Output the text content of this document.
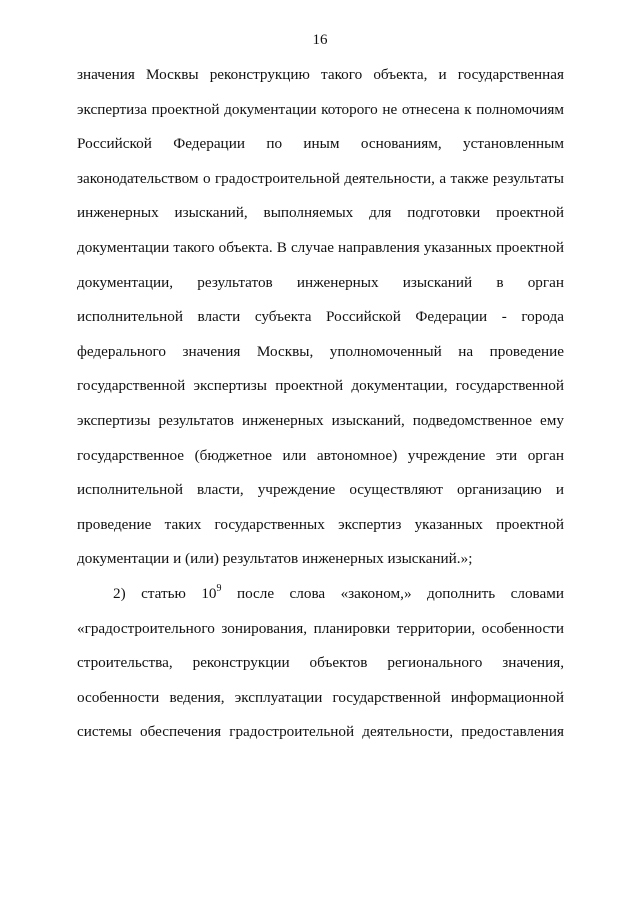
16
значения Москвы реконструкцию такого объекта, и государственная
экспертиза проектной документации которого не отнесена к полномочиям
Российской Федерации по иным основаниям, установленным
законодательством о градостроительной деятельности, а также результаты
инженерных изысканий, выполняемых для подготовки проектной
документации такого объекта. В случае направления указанных проектной
документации, результатов инженерных изысканий в орган
исполнительной власти субъекта Российской Федерации - города
федерального значения Москвы, уполномоченный на проведение
государственной экспертизы проектной документации, государственной
экспертизы результатов инженерных изысканий, подведомственное ему
государственное (бюджетное или автономное) учреждение эти орган
исполнительной власти, учреждение осуществляют организацию и
проведение таких государственных экспертиз указанных проектной
документации и (или) результатов инженерных изысканий.»;
2) статью $10^9$ после слова «законом,» дополнить словами
«градостроительного зонирования, планировки территории, особенности
строительства, реконструкции объектов регионального значения,
особенности ведения, эксплуатации государственной информационной
системы обеспечения градостроительной деятельности, предоставления
